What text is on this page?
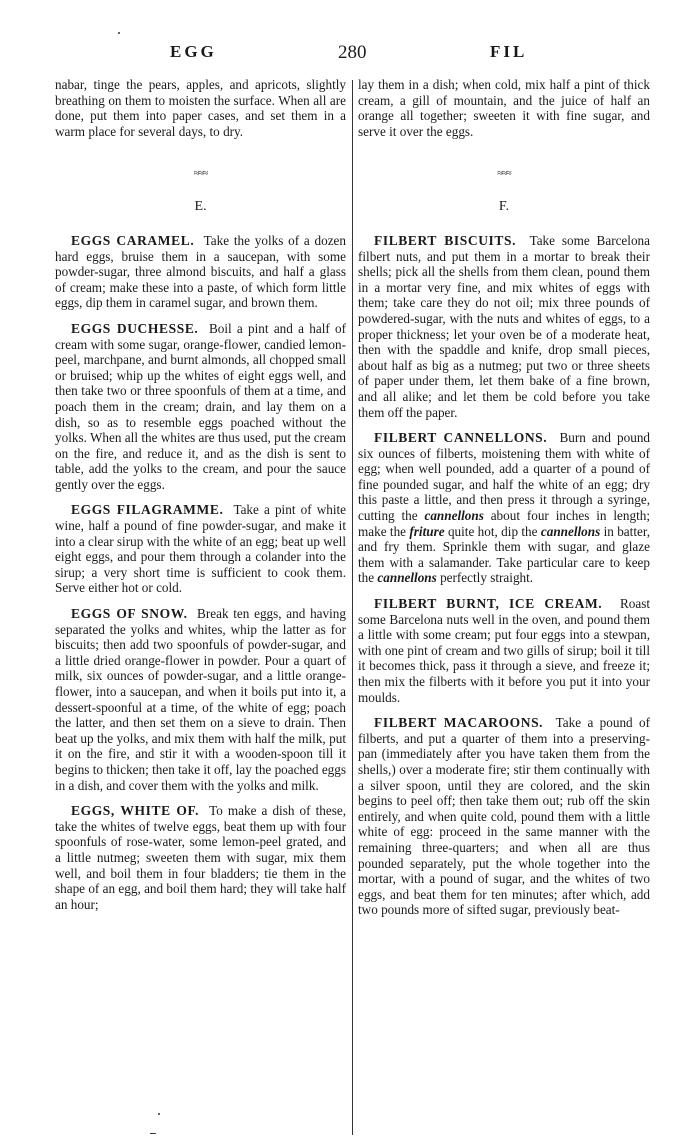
EGG	280	FIL

nabar, tinge the pears, apples, and apricots, slightly breathing on them to moisten the surface. When all are done, put them into paper cases, and set them in a warm place for several days, to dry.

≈≈≈
E.

EGGS CARAMEL. Take the yolks of a dozen hard eggs, bruise them in a saucepan, with some powder-sugar, three almond biscuits, and half a glass of cream; make these into a paste, of which form little eggs, dip them in caramel sugar, and brown them.

EGGS DUCHESSE. Boil a pint and a half of cream with some sugar, orange-flower, candied lemon-peel, marchpane, and burnt almonds, all chopped small or bruised; whip up the whites of eight eggs well, and then take two or three spoonfuls of them at a time, and poach them in the cream; drain, and lay them on a dish, so as to resemble eggs poached without the yolks. When all the whites are thus used, put the cream on the fire, and reduce it, and as the dish is sent to table, add the yolks to the cream, and pour the sauce gently over the eggs.

EGGS FILAGRAMME. Take a pint of white wine, half a pound of fine powder-sugar, and make it into a clear sirup with the white of an egg; beat up well eight eggs, and pour them through a colander into the sirup; a very short time is sufficient to cook them. Serve either hot or cold.

EGGS OF SNOW. Break ten eggs, and having separated the yolks and whites, whip the latter as for biscuits; then add two spoonfuls of powder-sugar, and a little dried orange-flower in powder. Pour a quart of milk, six ounces of powder-sugar, and a little orange-flower, into a saucepan, and when it boils put into it, a dessert-spoonful at a time, of the white of egg; poach the latter, and then set them on a sieve to drain. Then beat up the yolks, and mix them with half the milk, put it on the fire, and stir it with a wooden-spoon till it begins to thicken; then take it off, lay the poached eggs in a dish, and cover them with the yolks and milk.

EGGS, WHITE OF. To make a dish of these, take the whites of twelve eggs, beat them up with four spoonfuls of rose-water, some lemon-peel grated, and a little nutmeg; sweeten them with sugar, mix them well, and boil them in four bladders; tie them in the shape of an egg, and boil them hard; they will take half an hour;

lay them in a dish; when cold, mix half a pint of thick cream, a gill of mountain, and the juice of half an orange all together; sweeten it with fine sugar, and serve it over the eggs.

≈≈≈
F.

FILBERT BISCUITS. Take some Barcelona filbert nuts, and put them in a mortar to break their shells; pick all the shells from them clean, pound them in a mortar very fine, and mix whites of eggs with them; take care they do not oil; mix three pounds of powdered-sugar, with the nuts and whites of eggs, to a proper thickness; let your oven be of a moderate heat, then with the spaddle and knife, drop small pieces, about half as big as a nutmeg; put two or three sheets of paper under them, let them bake of a fine brown, and all alike; and let them be cold before you take them off the paper.

FILBERT CANNELLONS. Burn and pound six ounces of filberts, moistening them with white of egg; when well pounded, add a quarter of a pound of fine pounded sugar, and half the white of an egg; dry this paste a little, and then press it through a syringe, cutting the cannellons about four inches in length; make the friture quite hot, dip the cannellons in batter, and fry them. Sprinkle them with sugar, and glaze them with a salamander. Take particular care to keep the cannellons perfectly straight.

FILBERT BURNT, ICE CREAM. Roast some Barcelona nuts well in the oven, and pound them a little with some cream; put four eggs into a stewpan, with one pint of cream and two gills of sirup; boil it till it becomes thick, pass it through a sieve, and freeze it; then mix the filberts with it before you put it into your moulds.

FILBERT MACAROONS. Take a pound of filberts, and put a quarter of them into a preserving-pan (immediately after you have taken them from the shells,) over a moderate fire; stir them continually with a silver spoon, until they are colored, and the skin begins to peel off; then take them out; rub off the skin entirely, and when quite cold, pound them with a little white of egg: proceed in the same manner with the remaining three-quarters; and when all are thus pounded separately, put the whole together into the mortar, with a pound of sugar, and the whites of two eggs, and beat them for ten minutes; after which, add two pounds more of sifted sugar, previously beat-
